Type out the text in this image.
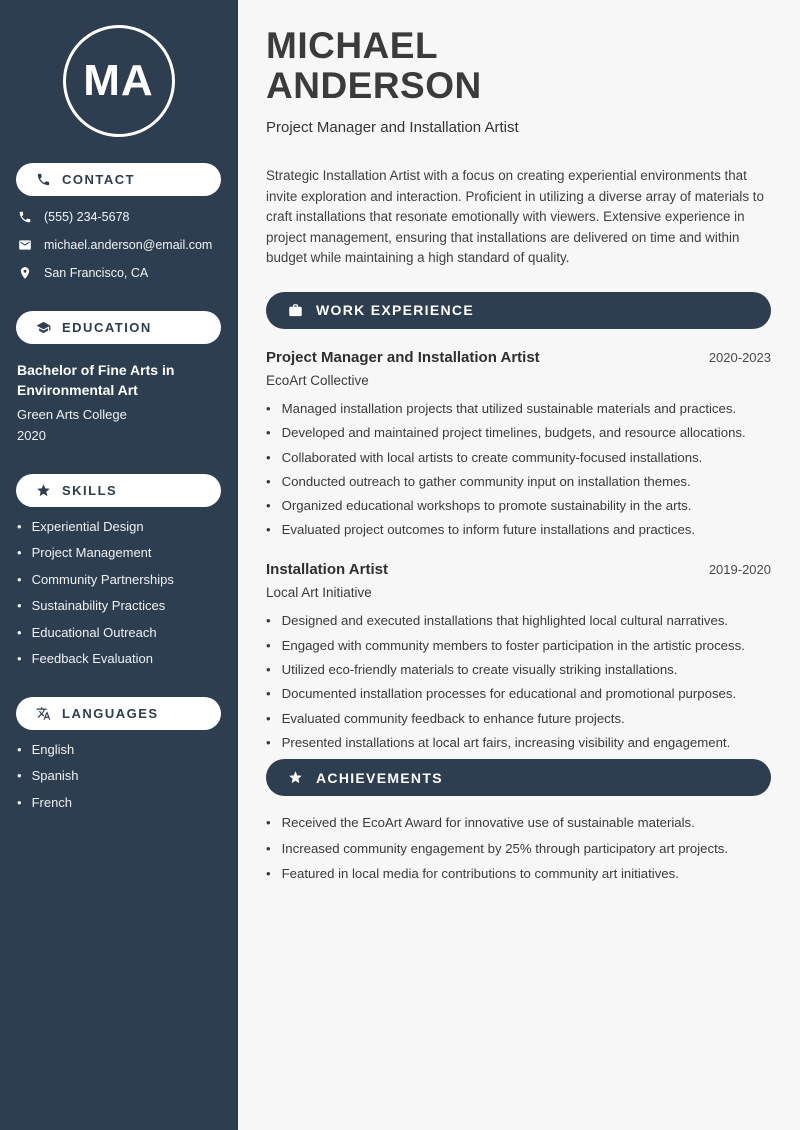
MA
CONTACT
(555) 234-5678
michael.anderson@email.com
San Francisco, CA
EDUCATION
Bachelor of Fine Arts in Environmental Art
Green Arts College
2020
SKILLS
• Experiential Design
• Project Management
• Community Partnerships
• Sustainability Practices
• Educational Outreach
• Feedback Evaluation
LANGUAGES
• English
• Spanish
• French
MICHAEL
ANDERSON
Project Manager and Installation Artist

Strategic Installation Artist with a focus on creating experiential environments that invite exploration and interaction. Proficient in utilizing a diverse array of materials to craft installations that resonate emotionally with viewers. Extensive experience in project management, ensuring that installations are delivered on time and within budget while maintaining a high standard of quality.

WORK EXPERIENCE
Project Manager and Installation Artist	2020-2023
EcoArt Collective
• Managed installation projects that utilized sustainable materials and practices.
• Developed and maintained project timelines, budgets, and resource allocations.
• Collaborated with local artists to create community-focused installations.
• Conducted outreach to gather community input on installation themes.
• Organized educational workshops to promote sustainability in the arts.
• Evaluated project outcomes to inform future installations and practices.
Installation Artist	2019-2020
Local Art Initiative
• Designed and executed installations that highlighted local cultural narratives.
• Engaged with community members to foster participation in the artistic process.
• Utilized eco-friendly materials to create visually striking installations.
• Documented installation processes for educational and promotional purposes.
• Evaluated community feedback to enhance future projects.
• Presented installations at local art fairs, increasing visibility and engagement.
ACHIEVEMENTS
• Received the EcoArt Award for innovative use of sustainable materials.
• Increased community engagement by 25% through participatory art projects.
• Featured in local media for contributions to community art initiatives.
